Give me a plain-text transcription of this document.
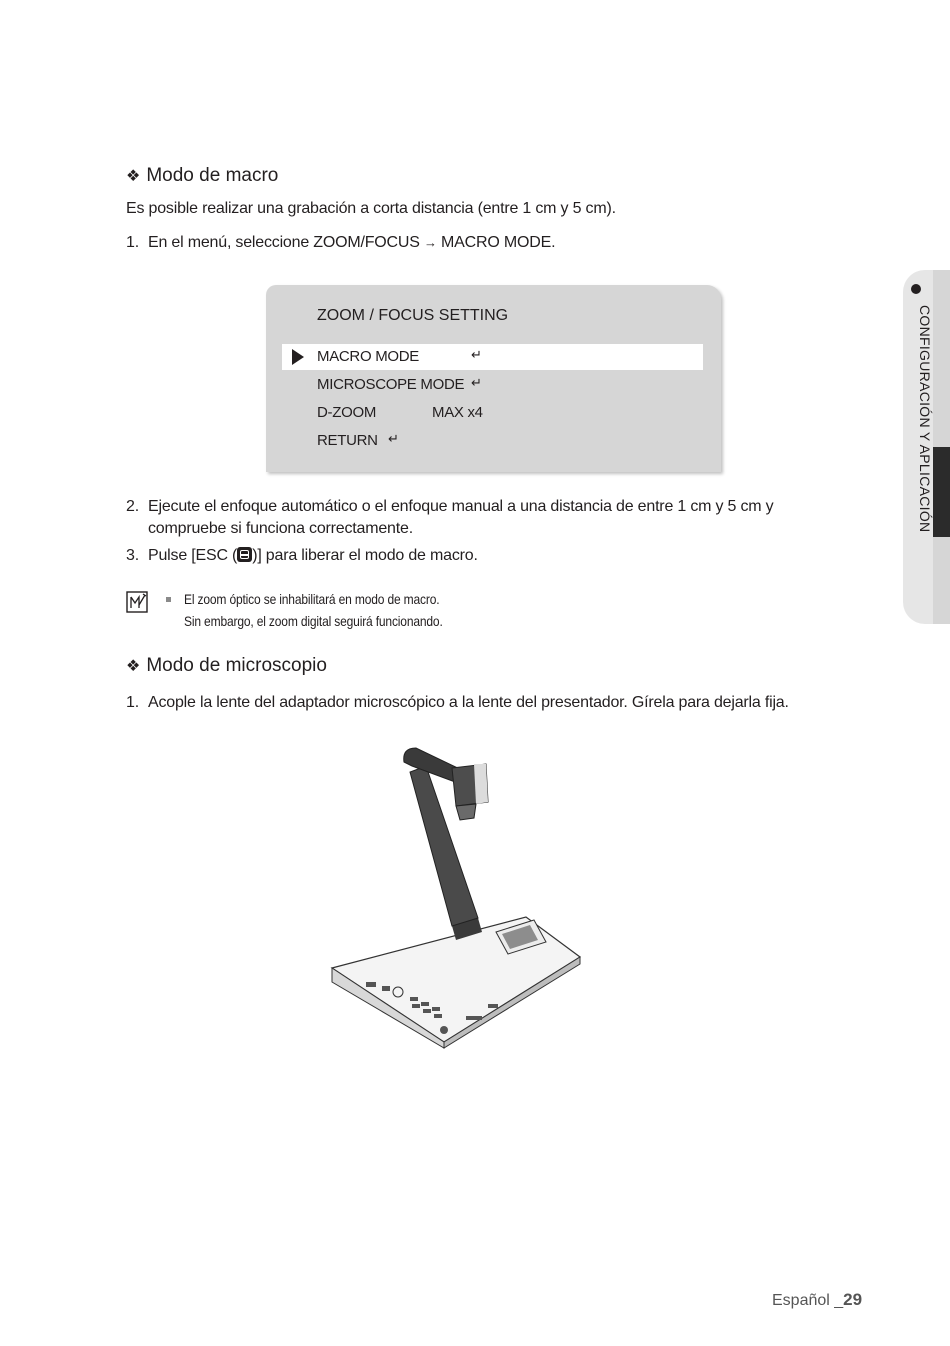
CONFIGURACIÓN Y APLICACIÓN
❖ Modo de macro
Es posible realizar una grabación a corta distancia (entre 1 cm y 5 cm).
1. En el menú, seleccione ZOOM/FOCUS → MACRO MODE.
ZOOM / FOCUS SETTING
MACRO MODE	↵
MICROSCOPE MODE ↵
D-ZOOM	MAX x4
RETURN ↵
2. Ejecute el enfoque automático o el enfoque manual a una distancia de entre 1 cm y 5 cm y
compruebe si funciona correctamente.
3. Pulse [ESC ( )] para liberar el modo de macro.
El zoom óptico se inhabilitará en modo de macro.
Sin embargo, el zoom digital seguirá funcionando.
❖ Modo de microscopio
1. Acople la lente del adaptador microscópico a la lente del presentador. Gírela para dejarla fija.
Español _29
